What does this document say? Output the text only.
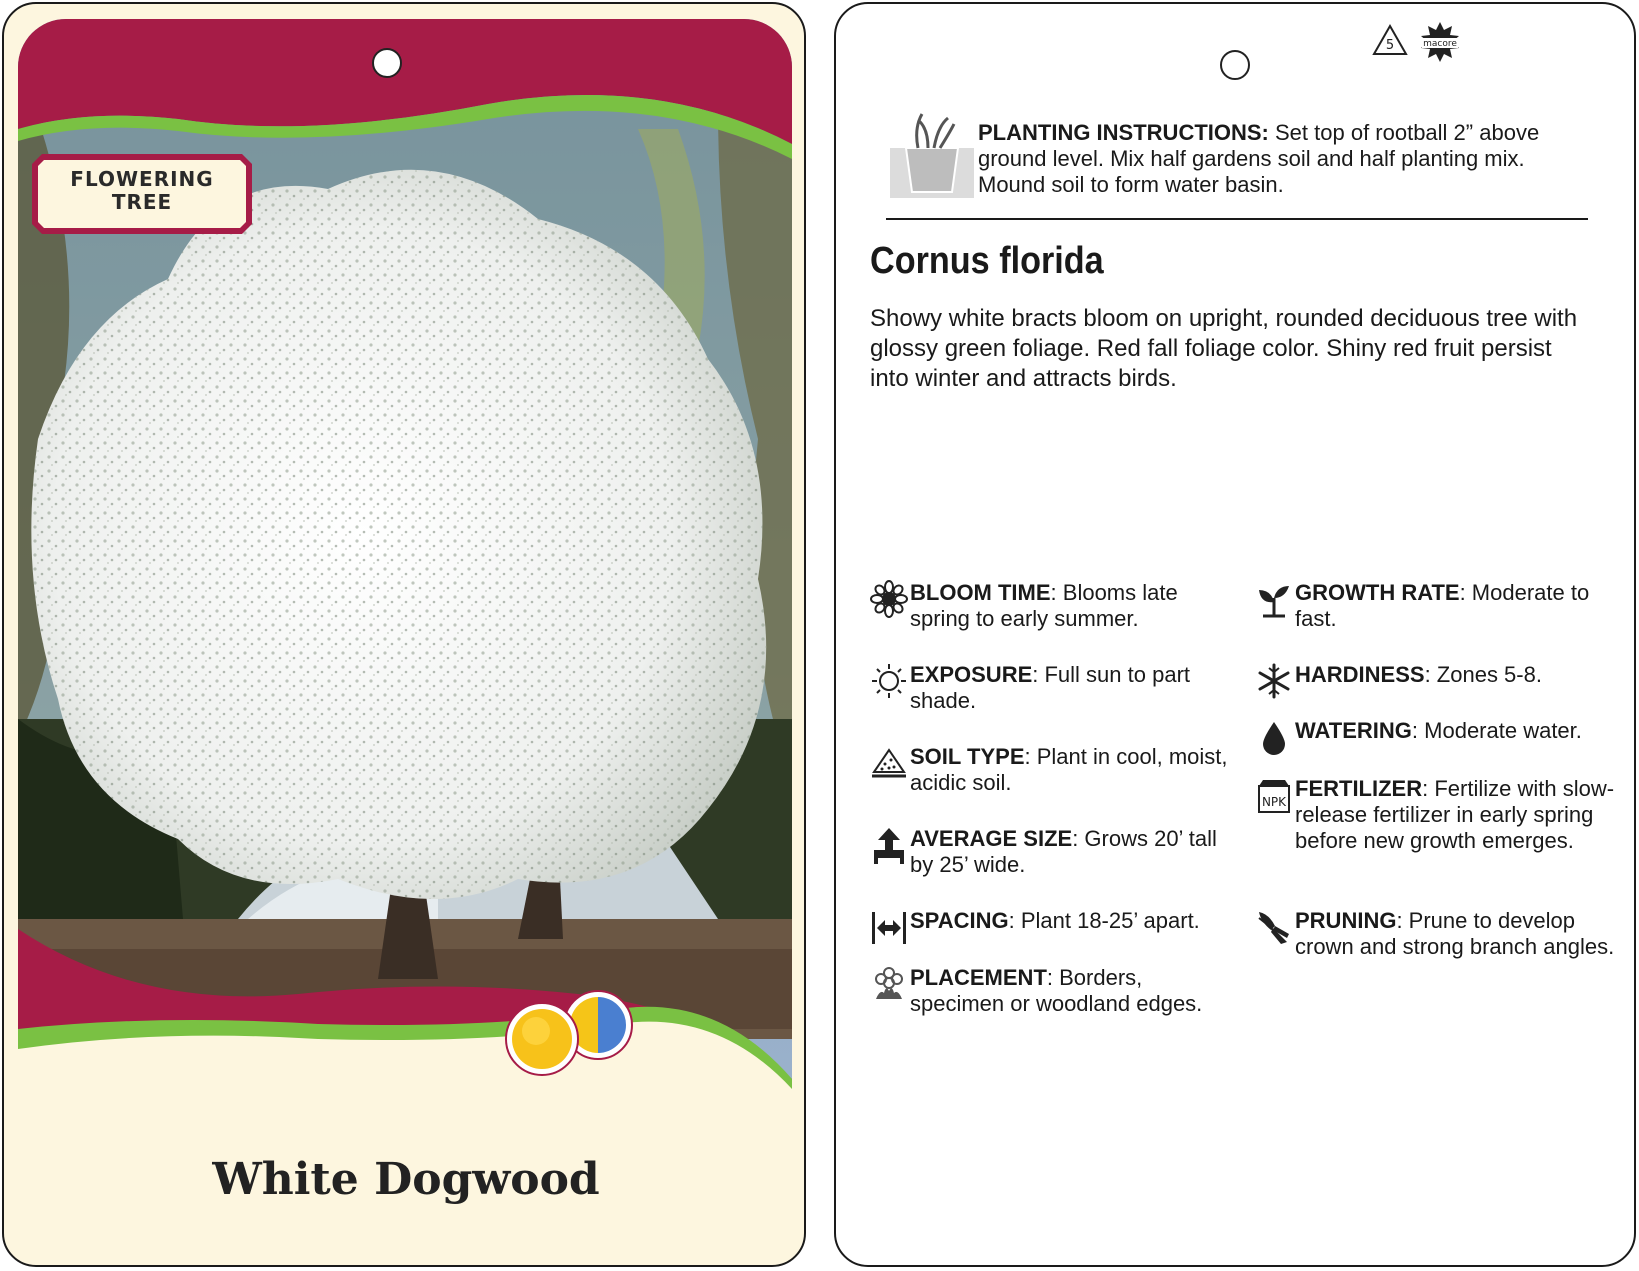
FLOWERING
TREE
White Dogwood
5	macore
PLANTING INSTRUCTIONS: Set top of rootball 2” above ground level. Mix half gardens soil and half planting mix. Mound soil to form water basin.
Cornus florida
Showy white bracts bloom on upright, rounded deciduous tree with glossy green foliage. Red fall foliage color. Shiny red fruit persist into winter and attracts birds.
BLOOM TIME: Blooms late spring to early summer.
EXPOSURE: Full sun to part shade.
SOIL TYPE: Plant in cool, moist, acidic soil.
AVERAGE SIZE: Grows 20’ tall by 25’ wide.
SPACING: Plant 18-25’ apart.
PLACEMENT: Borders, specimen or woodland edges.
GROWTH RATE: Moderate to fast.
HARDINESS: Zones 5-8.
WATERING: Moderate water.
NPK
FERTILIZER: Fertilize with slow-release fertilizer in early spring before new growth emerges.
PRUNING: Prune to develop crown and strong branch angles.
